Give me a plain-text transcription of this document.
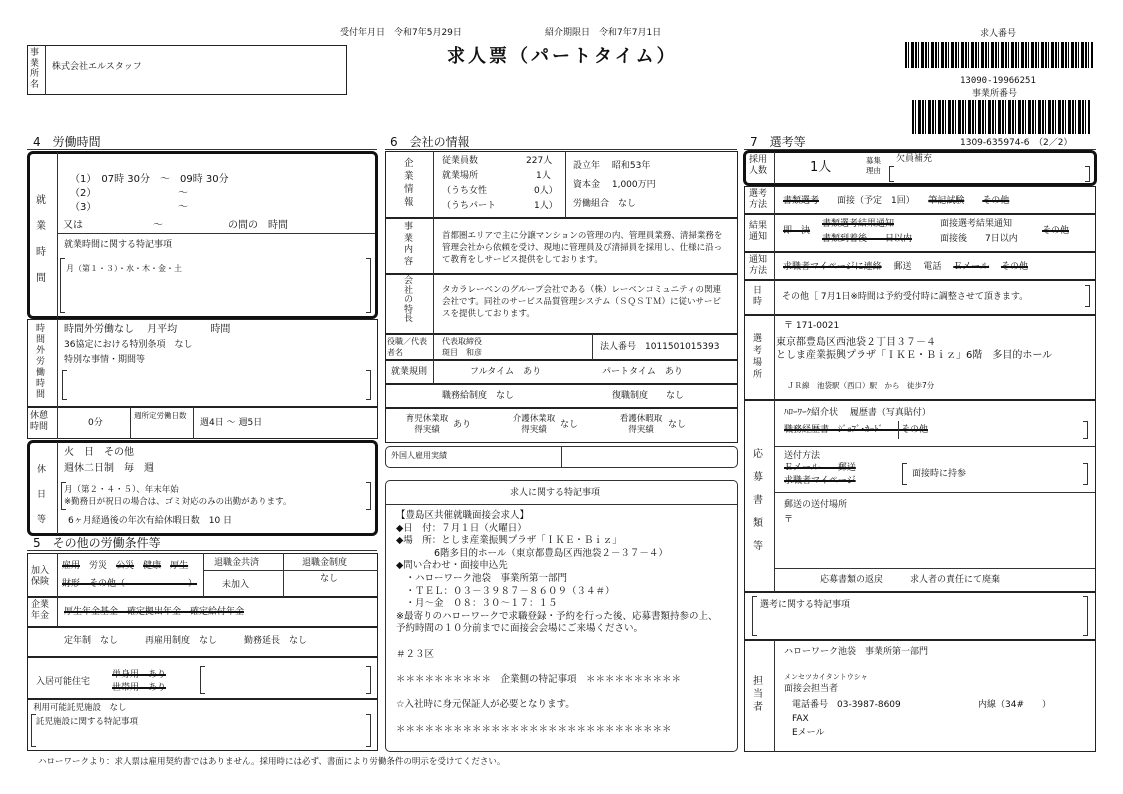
受付年月日　令和7年5月29日	紹介期限日　令和7年7月1日
求人票（パートタイム）
求人番号
13090-19966251
事業所番号
1309-635974-6　（2／2）
事業所名
株式会社エルスタッフ
4　労働時間
就業時間
（1）　07時 30分　～　09時 30分
（2）	～
（3）	～
又は	～	の間の　時間
就業時間に関する特記事項
月（第１・３）・水・木・金・土
時間外労働時間
時間外労働なし　 月平均　　　 時間
36協定における特別条項　なし
特別な事情・期間等
休憩時間	0分
週所定労働日数
週4日 ～ 週5日
休日等
火　日　その他
週休二日制　毎　週
月（第２・４・５）、年末年始
※勤務日が祝日の場合は、ゴミ対応のみの出勤があります。
6ヶ月経過後の年次有給休暇日数　10 日
5　その他の労働条件等
加入保険
雇用　労災　公災　 健康　 厚生
財形　その他（　　　　　　　）
退職金共済
未加入
退職金制度
なし
企業年金	厚生年金基金　確定拠出年金　確定給付年金
定年制　なし　　　再雇用制度　なし　　　勤務延長　なし
入居可能住宅
単身用　あり
世帯用　あり
利用可能託児施設　なし
託児施設に関する特記事項
6　会社の情報
企業情報
従業員数	227人
就業場所	1人
（うち女性	0人）
（うちパート	1人）
設立年　 昭和53年
資本金　 1,000万円
労働組合　なし
事業内容
首都圏エリアで主に分譲マンションの管理の内、管理員業務、清掃業務を管理会社から依頼を受け、現地に管理員及び清掃員を採用し、仕様に沿って教育をしサービス提供をしております。
会社の特長
タカラレーベンのグループ会社である（株）レーベンコミュニティの関連会社です。同社のサービス品質管理システム（ＳＱＳＴＭ）に従いサービスを提供しております。
役職／代表者名
代表取締役
斑目　和彦
法人番号　1011501015393
就業規則	フルタイム　あり	パートタイム　あり
職務給制度　なし	復職制度　　なし
育児休業取得実績	あり
介護休業取得実績	なし
看護休暇取得実績	なし
外国人雇用実績
求人に関する特記事項
【豊島区共催就職面接会求人】
◆日　付：７月１日（火曜日）
◆場　所：としま産業振興プラザ「ＩＫＥ・Ｂｉｚ」
　　　　6階多目的ホール（東京都豊島区西池袋２－３７－４）
◆問い合わせ・面接申込先
　・ハローワーク池袋　事業所第一部門
　・ＴＥＬ：０３－３９８７－８６０９（３４＃）
　・月～金　０８：３０～１７：１５
※最寄りのハローワークで求職登録・予約を行った後、応募書類持参の上、予約時間の１０分前までに面接会会場にご来場ください。
＃２３区
＊＊＊＊＊＊＊＊＊＊　企業側の特記事項　＊＊＊＊＊＊＊＊＊＊
☆入社時に身元保証人が必要となります。
＊＊＊＊＊＊＊＊＊＊＊＊＊＊＊＊＊＊＊＊＊＊＊＊＊＊＊＊＊
7　選考等
採用人数	1人	募集理由
欠員補充
選考方法	書類選考　　面接（予定　1回）　　筆記試験　　 その他
結果通知
即　決
書類選考結果通知
書類到着後　　日以内
面接選考結果通知
面接後　　7日以内
その他
通知方法	求職者マイページに連絡　 郵送　 電話　 Ｅメール　 その他
日時	その他［ 7月1日※時間は予約受付時に調整させて頂きます。
選考場所
〒 171-0021
東京都豊島区西池袋２丁目３７－４
としま産業振興プラザ「ＩＫＥ・Ｂｉｚ」6階　多目的ホール
ＪＲ線　池袋駅（西口）駅　から　徒歩7分
応募書類等
ﾊﾛｰﾜｰｸ紹介状　 履歴書（写真貼付）
職務経歴書　ｼﾞｮﾌﾞ･ｶｰﾄﾞ　　その他
送付方法
Ｅメール　　郵送
求職者マイページ
面接時に持参
郵送の送付場所
〒
応募書類の返戻　　　求人者の責任にて廃棄
選考に関する特記事項
担当者
ハローワーク池袋　事業所第一部門
メンセツカイタントウシャ
面接会担当者
電話番号　03-3987-8609	内線（34#　　）
FAX
Eメール
ハローワークより：求人票は雇用契約書ではありません。採用時には必ず、書面により労働条件の明示を受けてください。
